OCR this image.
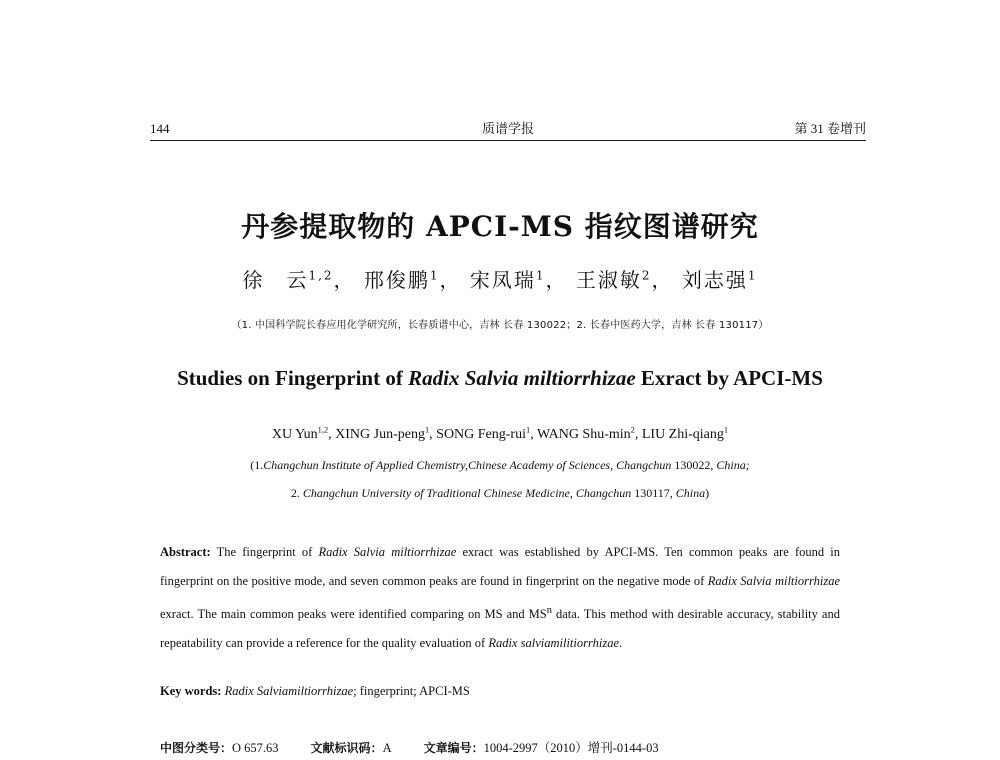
144	质谱学报	第 31 卷增刊
丹参提取物的 APCI-MS 指纹图谱研究
徐　云$^{1,2}$， 邢俊鹏$^1$， 宋凤瑞$^1$， 王淑敏$^2$， 刘志强$^1$
（1. 中国科学院长春应用化学研究所，长春质谱中心，吉林 长春 130022；2. 长春中医药大学，吉林 长春 130117）
Studies on Fingerprint of Radix Salvia miltiorrhizae Exract by APCI-MS
XU Yun$^{1,2}$, XING Jun-peng$^1$, SONG Feng-rui$^1$, WANG Shu-$\min^2$, LIU Zhi-qiang$^1$
(1.Changchun Institute of Applied Chemistry,Chinese Academy of Sciences, Changchun 130022, China;
2. Changchun University of Traditional Chinese Medicine, Changchun 130117, China)

Abstract: The fingerprint of Radix Salvia miltiorrhizae exract was established by APCI-MS. Ten common peaks are found in fingerprint on the positive mode, and seven common peaks are found in fingerprint on the negative mode of Radix Salvia miltiorrhizae exract. The main common peaks were identified comparing on MS and $MS^n$ data. This method with desirable accuracy, stability and repeatability can provide a reference for the quality evaluation of Radix salviamilitiorrhizae.

Key words: Radix Salviamiltiorrhizae; fingerprint; APCI-MS
中图分类号：O 657.63	文献标识码：A	文章编号：1004-2997（2010）增刊-0144-03
